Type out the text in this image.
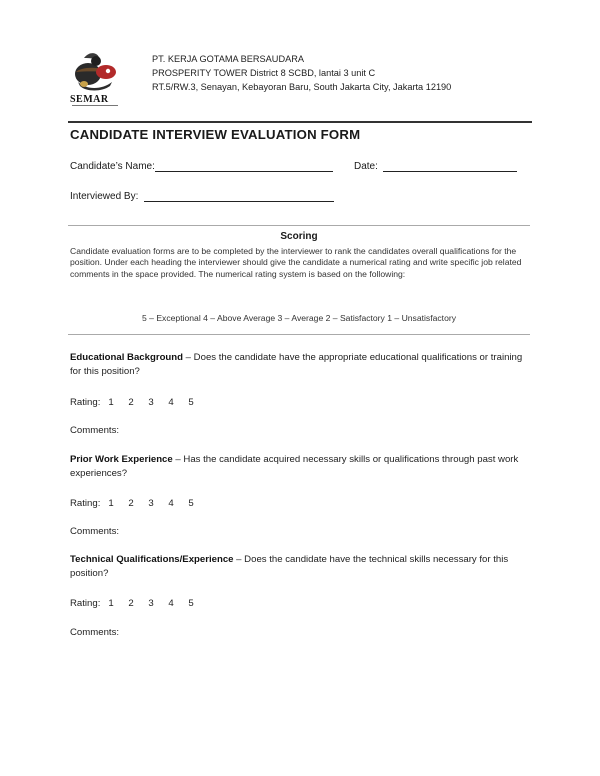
SEMAR
PT. KERJA GOTAMA BERSAUDARA
PROSPERITY TOWER District 8 SCBD, lantai 3 unit C
RT.5/RW.3, Senayan, Kebayoran Baru, South Jakarta City, Jakarta 12190
CANDIDATE INTERVIEW EVALUATION FORM
Candidate’s Name:	Date:
Interviewed By:
Scoring
Candidate evaluation forms are to be completed by the interviewer to rank the candidates overall qualifications for the position. Under each heading the interviewer should give the candidate a numerical rating and write specific job related comments in the space provided. The numerical rating system is based on the following:
5 – Exceptional 4 – Above Average 3 – Average 2 – Satisfactory 1 – Unsatisfactory
Educational Background – Does the candidate have the appropriate educational qualifications or training for this position?
Rating: 1 2 3 4 5
Comments:
Prior Work Experience – Has the candidate acquired necessary skills or qualifications through past work experiences?
Rating: 1 2 3 4 5
Comments:
Technical Qualifications/Experience – Does the candidate have the technical skills necessary for this position?
Rating: 1 2 3 4 5
Comments:
